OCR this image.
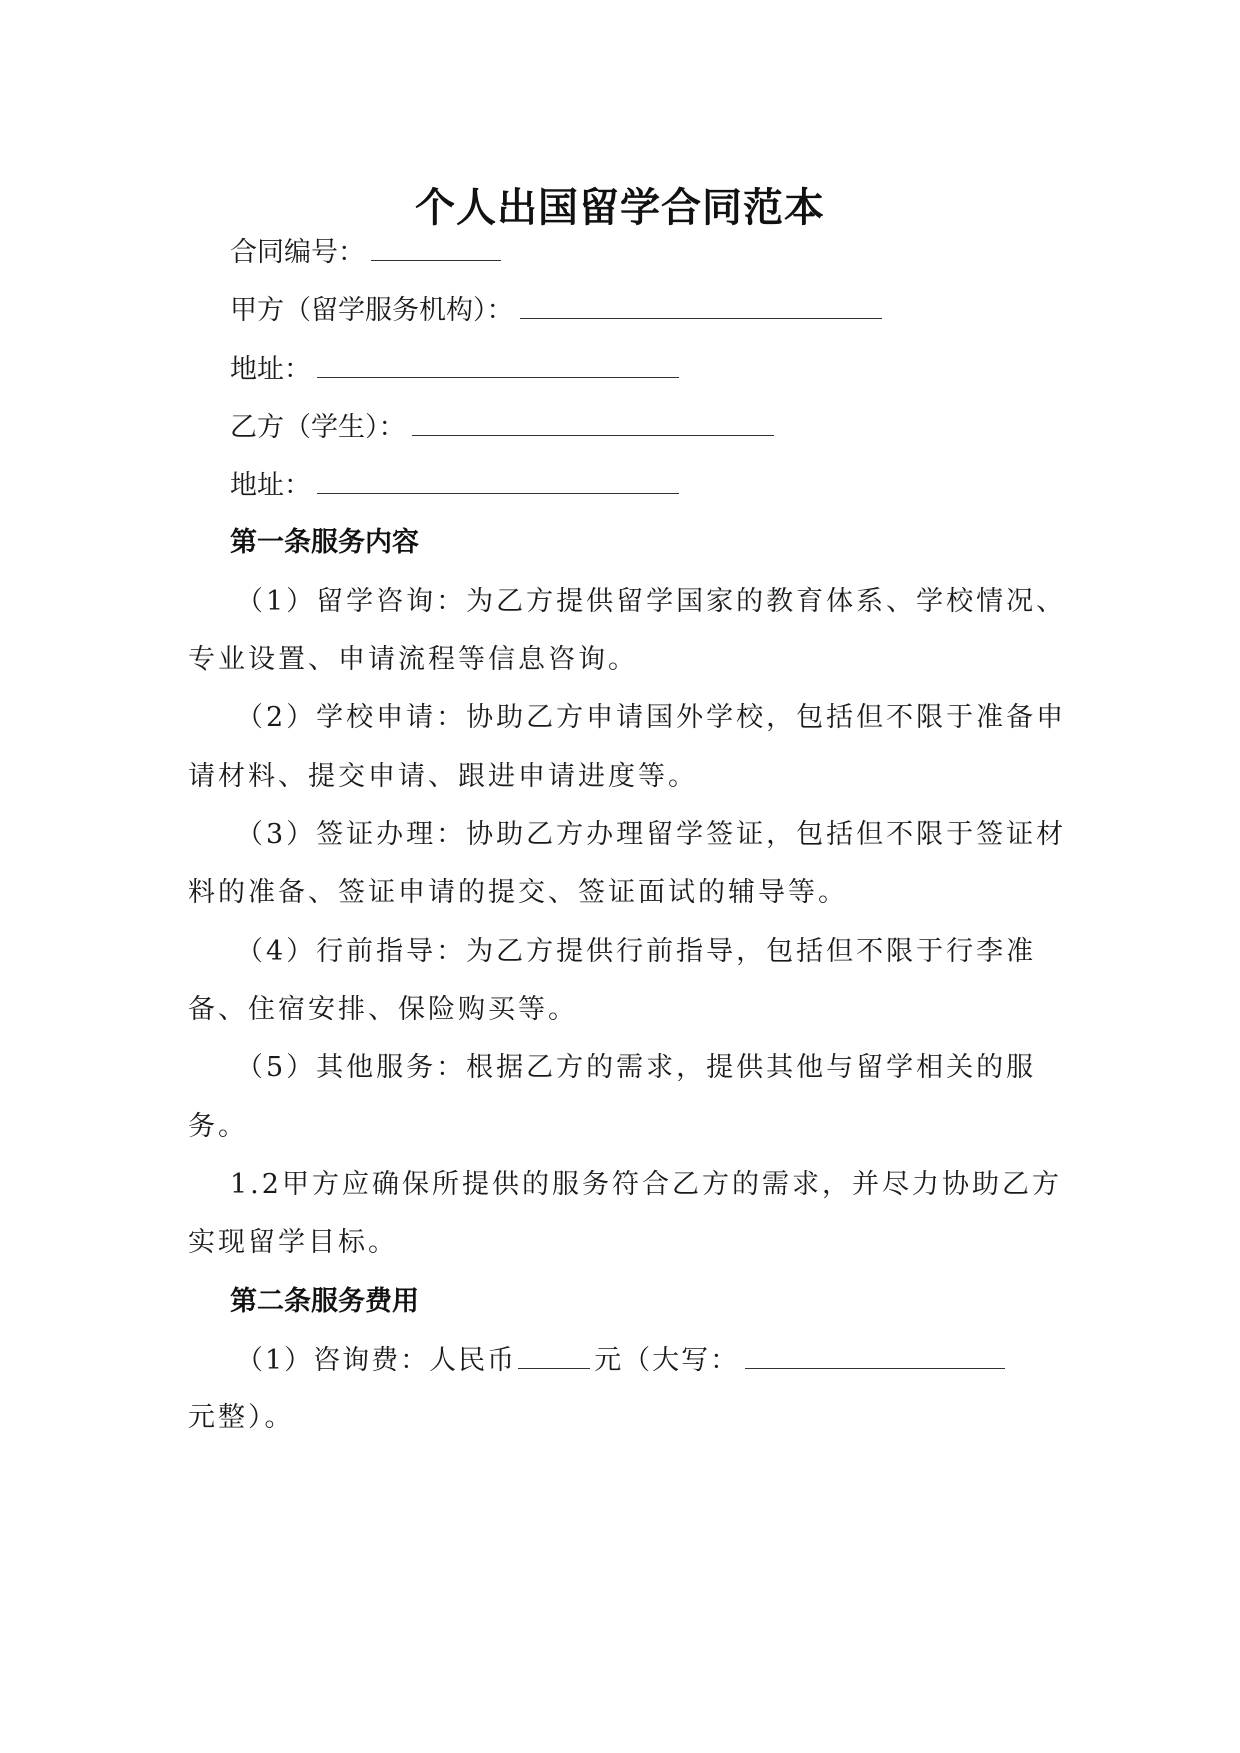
个人出国留学合同范本
合同编号：
甲方（留学服务机构）：
地址：
乙方（学生）：
地址：
第一条服务内容
（1）留学咨询：为乙方提供留学国家的教育体系、学校情况、
专业设置、申请流程等信息咨询。
（2）学校申请：协助乙方申请国外学校，包括但不限于准备申
请材料、提交申请、跟进申请进度等。
（3）签证办理：协助乙方办理留学签证，包括但不限于签证材
料的准备、签证申请的提交、签证面试的辅导等。
（4）行前指导：为乙方提供行前指导，包括但不限于行李准
备、住宿安排、保险购买等。
（5）其他服务：根据乙方的需求，提供其他与留学相关的服
务。
1.2甲方应确保所提供的服务符合乙方的需求，并尽力协助乙方
实现留学目标。
第二条服务费用
（1）咨询费：人民币	元（大写：
元整）。
